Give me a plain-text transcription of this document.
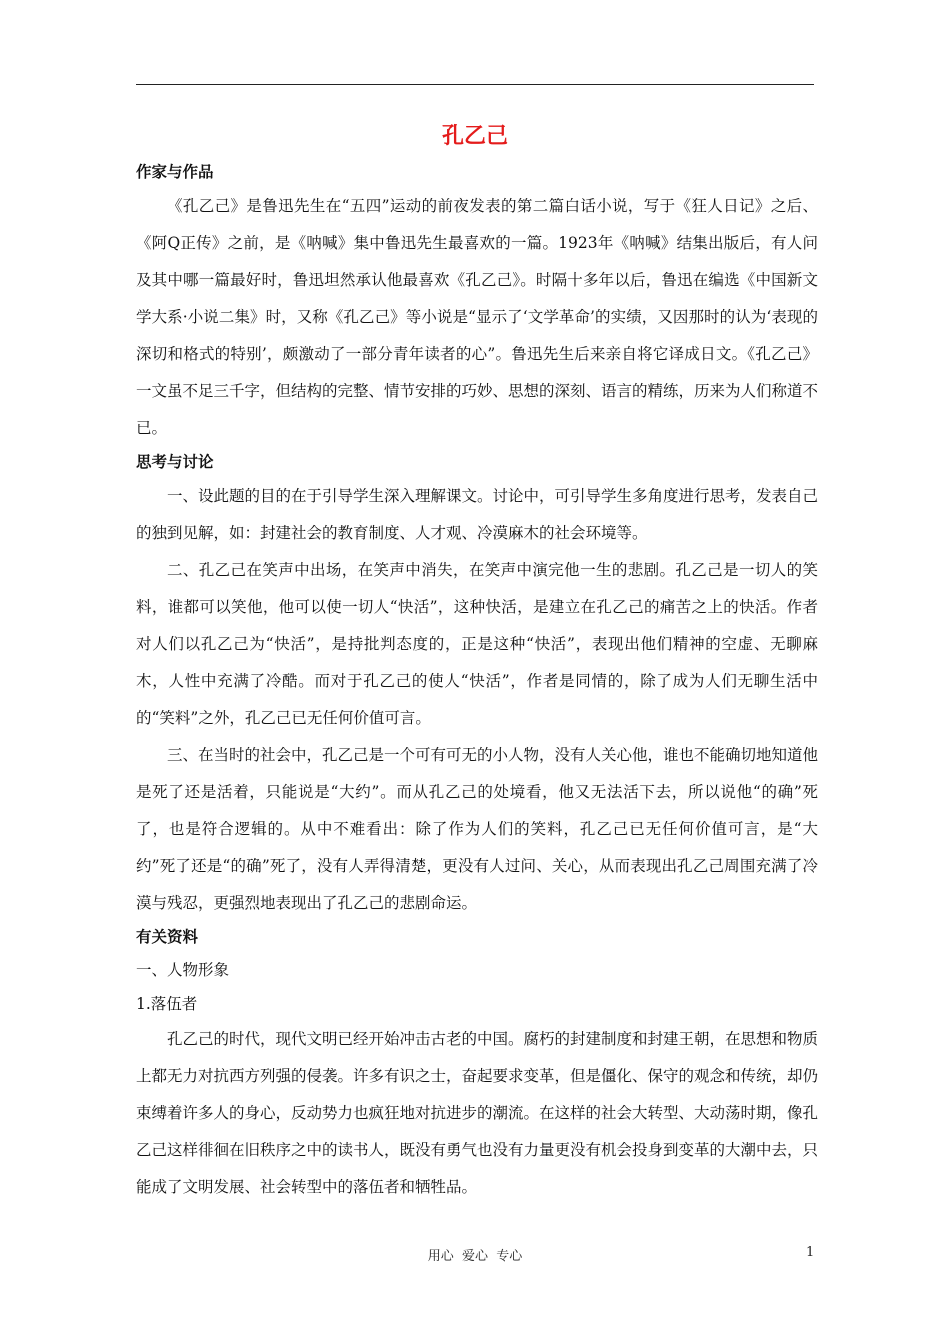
孔乙己

作家与作品

《孔乙己》是鲁迅先生在“五四”运动的前夜发表的第二篇白话小说，写于《狂人日记》之后、《阿Q正传》之前，是《呐喊》集中鲁迅先生最喜欢的一篇。1923年《呐喊》结集出版后，有人问及其中哪一篇最好时，鲁迅坦然承认他最喜欢《孔乙己》。时隔十多年以后，鲁迅在编选《中国新文学大系·小说二集》时，又称《孔乙己》等小说是“显示了‘文学革命’的实绩，又因那时的认为‘表现的深切和格式的特别’，颇激动了一部分青年读者的心”。鲁迅先生后来亲自将它译成日文。《孔乙己》一文虽不足三千字，但结构的完整、情节安排的巧妙、思想的深刻、语言的精练，历来为人们称道不已。

思考与讨论

一、设此题的目的在于引导学生深入理解课文。讨论中，可引导学生多角度进行思考，发表自己的独到见解，如：封建社会的教育制度、人才观、冷漠麻木的社会环境等。

二、孔乙己在笑声中出场，在笑声中消失，在笑声中演完他一生的悲剧。孔乙己是一切人的笑料，谁都可以笑他，他可以使一切人“快活”，这种快活，是建立在孔乙己的痛苦之上的快活。作者对人们以孔乙己为“快活”，是持批判态度的，正是这种“快活”，表现出他们精神的空虚、无聊麻木，人性中充满了冷酷。而对于孔乙己的使人“快活”，作者是同情的，除了成为人们无聊生活中的“笑料”之外，孔乙己已无任何价值可言。

三、在当时的社会中，孔乙己是一个可有可无的小人物，没有人关心他，谁也不能确切地知道他是死了还是活着，只能说是“大约”。而从孔乙己的处境看，他又无法活下去，所以说他“的确”死了，也是符合逻辑的。从中不难看出：除了作为人们的笑料，孔乙己已无任何价值可言，是“大约”死了还是“的确”死了，没有人弄得清楚，更没有人过问、关心，从而表现出孔乙己周围充满了冷漠与残忍，更强烈地表现出了孔乙己的悲剧命运。

有关资料

一、人物形象

1.落伍者

孔乙己的时代，现代文明已经开始冲击古老的中国。腐朽的封建制度和封建王朝，在思想和物质上都无力对抗西方列强的侵袭。许多有识之士，奋起要求变革，但是僵化、保守的观念和传统，却仍束缚着许多人的身心，反动势力也疯狂地对抗进步的潮流。在这样的社会大转型、大动荡时期，像孔乙己这样徘徊在旧秩序之中的读书人，既没有勇气也没有力量更没有机会投身到变革的大潮中去，只能成了文明发展、社会转型中的落伍者和牺牲品。

用心  爱心  专心	1
